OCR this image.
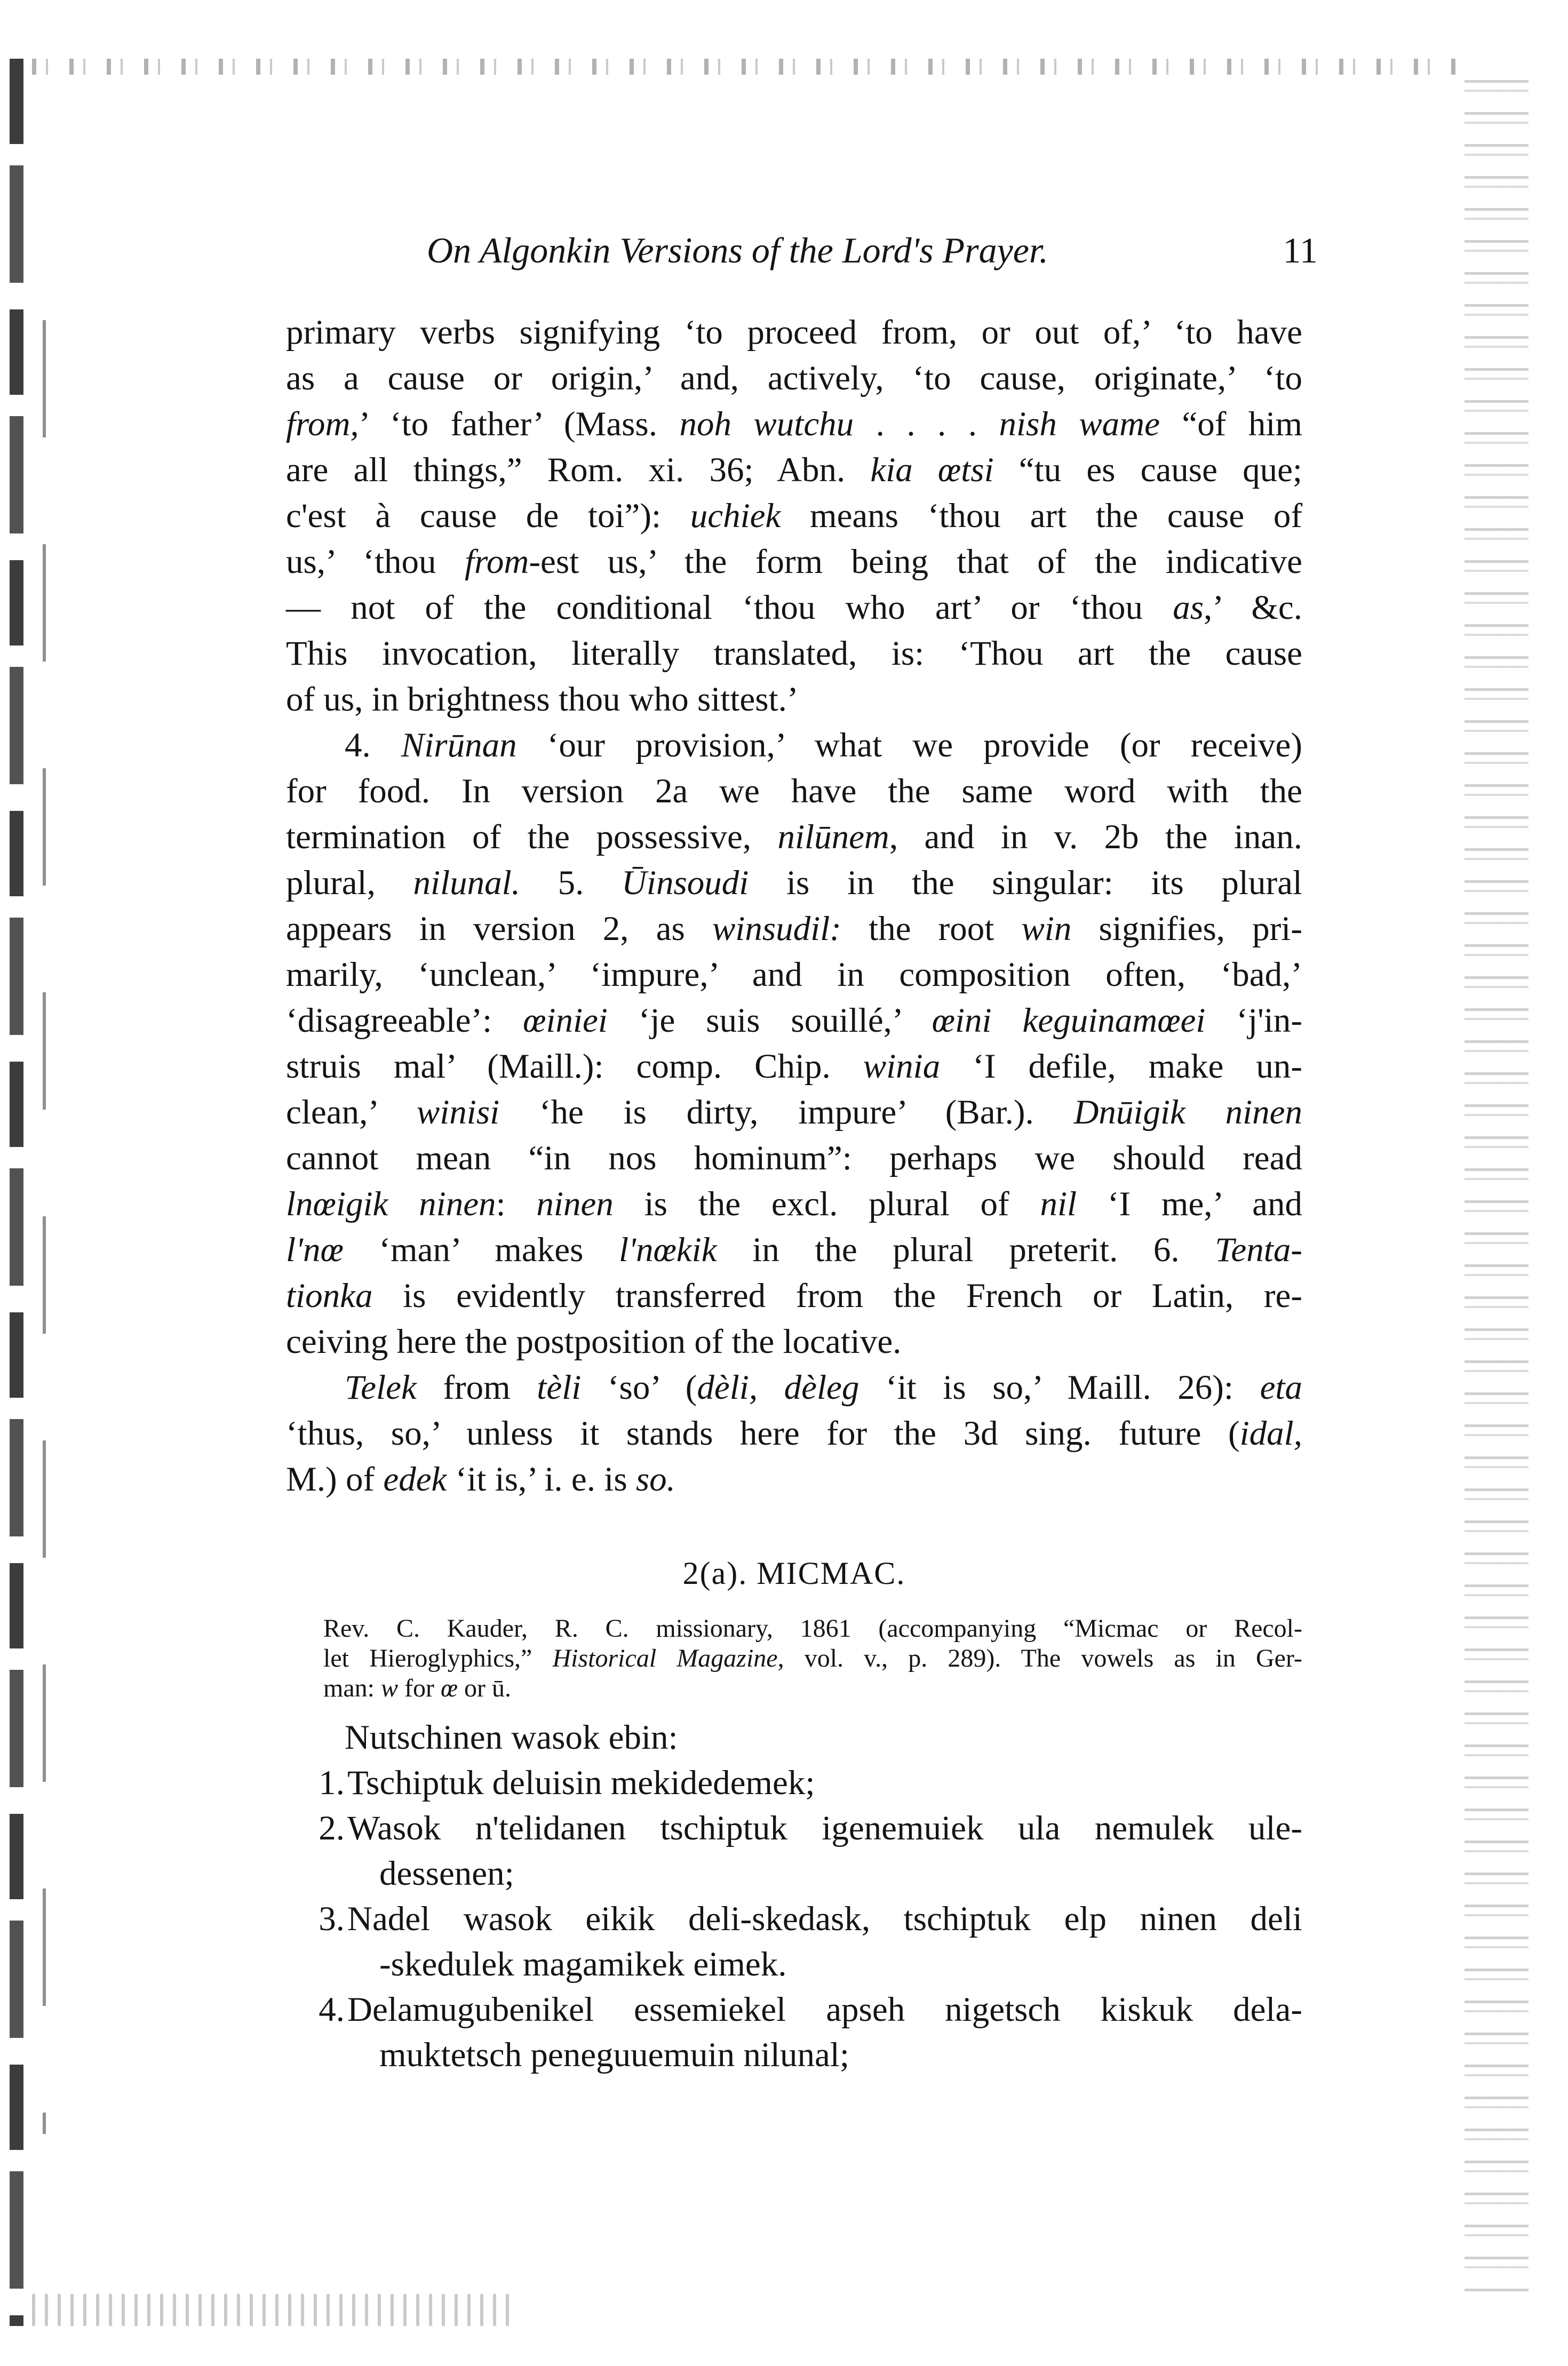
On Algonkin Versions of the Lord's Prayer.	11
primary verbs signifying ‘to proceed from, or out of,’ ‘to have
as a cause or origin,’ and, actively, ‘to cause, originate,’ ‘to
from,’ ‘to father’ (Mass. noh wutchu . . . . nish wame “of him
are all things,” Rom. xi. 36; Abn. kia œtsi “tu es cause que;
c'est à cause de toi”): uchiek means ‘thou art the cause of
us,’ ‘thou from-est us,’ the form being that of the indicative
— not of the conditional ‘thou who art’ or ‘thou as,’ &c.
This invocation, literally translated, is: ‘Thou art the cause
of us, in brightness thou who sittest.’
4. Nirūnan ‘our provision,’ what we provide (or receive)
for food. In version 2a we have the same word with the
termination of the possessive, nilūnem, and in v. 2b the inan.
plural, nilunal. 5. Ūinsoudi is in the singular: its plural
appears in version 2, as winsudil: the root win signifies, pri-
marily, ‘unclean,’ ‘impure,’ and in composition often, ‘bad,’
‘disagreeable’: œiniei ‘je suis souillé,’ œini keguinamœei ‘j'in-
struis mal’ (Maill.): comp. Chip. winia ‘I defile, make un-
clean,’ winisi ‘he is dirty, impure’ (Bar.). Dnūigik ninen
cannot mean “in nos hominum”: perhaps we should read
lnœigik ninen: ninen is the excl. plural of nil ‘I me,’ and
l'nœ ‘man’ makes l'nœkik in the plural preterit. 6. Tenta-
tionka is evidently transferred from the French or Latin, re-
ceiving here the postposition of the locative.
Telek from tèli ‘so’ (dèli, dèleg ‘it is so,’ Maill. 26): eta
‘thus, so,’ unless it stands here for the 3d sing. future (idal,
M.) of edek ‘it is,’ i. e. is so.
2(a). MICMAC.
Rev. C. Kauder, R. C. missionary, 1861 (accompanying “Micmac or Recol-
let Hieroglyphics,” Historical Magazine, vol. v., p. 289). The vowels as in Ger-
man: w for œ or ū.
Nutschinen wasok ebin:
1. Tschiptuk deluisin mekidedemek;
2. Wasok n'telidanen tschiptuk igenemuiek ula nemulek ule-
dessenen;
3. Nadel wasok eikik deli-skedask, tschiptuk elp ninen deli
-skedulek magamikek eimek.
4. Delamugubenikel essemiekel apseh nigetsch kiskuk dela-
muktetsch peneguuemuin nilunal;
